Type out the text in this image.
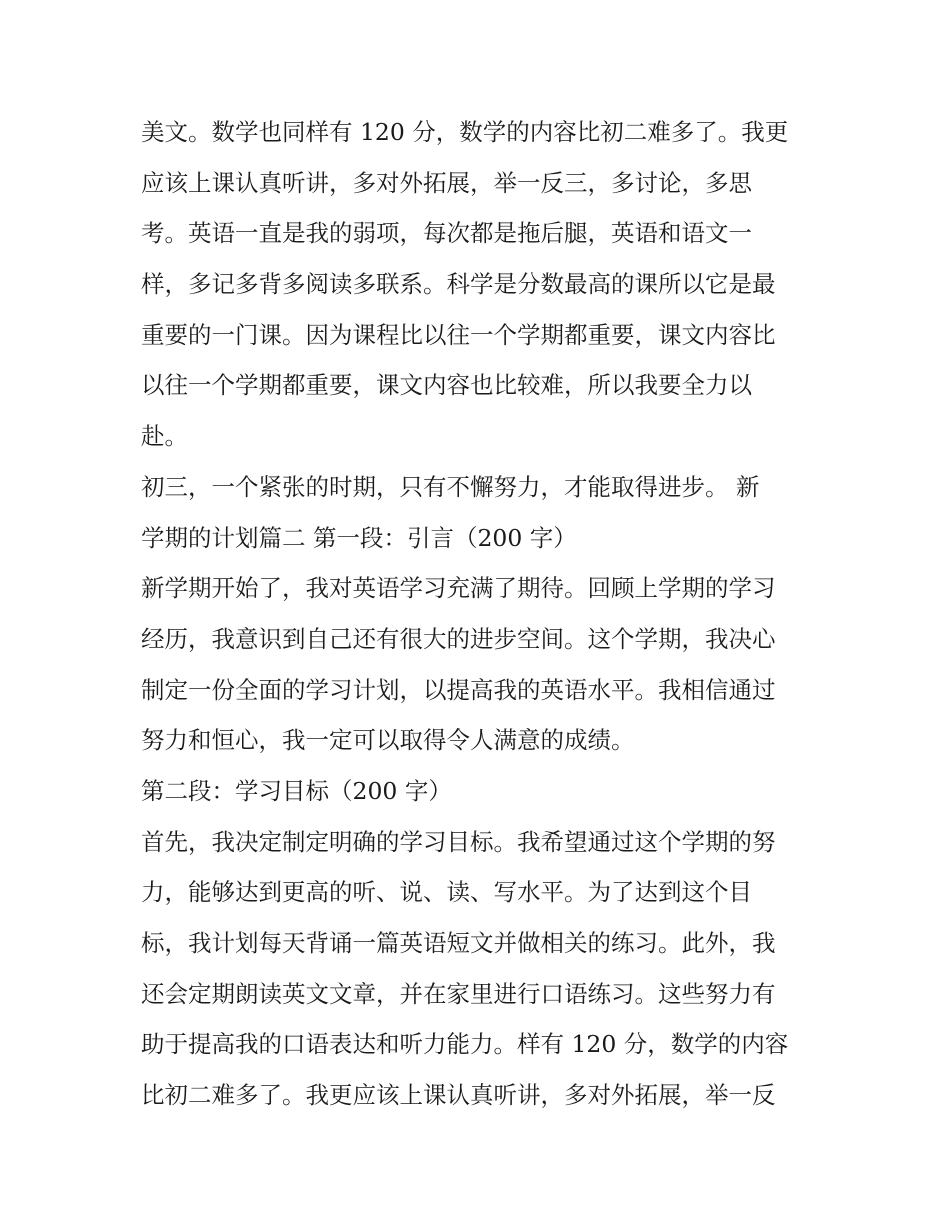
美文。数学也同样有 120 分，数学的内容比初二难多了。我更
应该上课认真听讲，多对外拓展，举一反三，多讨论，多思
考。英语一直是我的弱项，每次都是拖后腿，英语和语文一
样，多记多背多阅读多联系。科学是分数最高的课所以它是最
重要的一门课。因为课程比以往一个学期都重要，课文内容比
以往一个学期都重要，课文内容也比较难，所以我要全力以
赴。
初三，一个紧张的时期，只有不懈努力，才能取得进步。 新
学期的计划篇二 第一段：引言（200 字）
新学期开始了，我对英语学习充满了期待。回顾上学期的学习
经历，我意识到自己还有很大的进步空间。这个学期，我决心
制定一份全面的学习计划，以提高我的英语水平。我相信通过
努力和恒心，我一定可以取得令人满意的成绩。
第二段：学习目标（200 字）
首先，我决定制定明确的学习目标。我希望通过这个学期的努
力，能够达到更高的听、说、读、写水平。为了达到这个目
标，我计划每天背诵一篇英语短文并做相关的练习。此外，我
还会定期朗读英文文章，并在家里进行口语练习。这些努力有
助于提高我的口语表达和听力能力。样有 120 分，数学的内容
比初二难多了。我更应该上课认真听讲，多对外拓展，举一反
